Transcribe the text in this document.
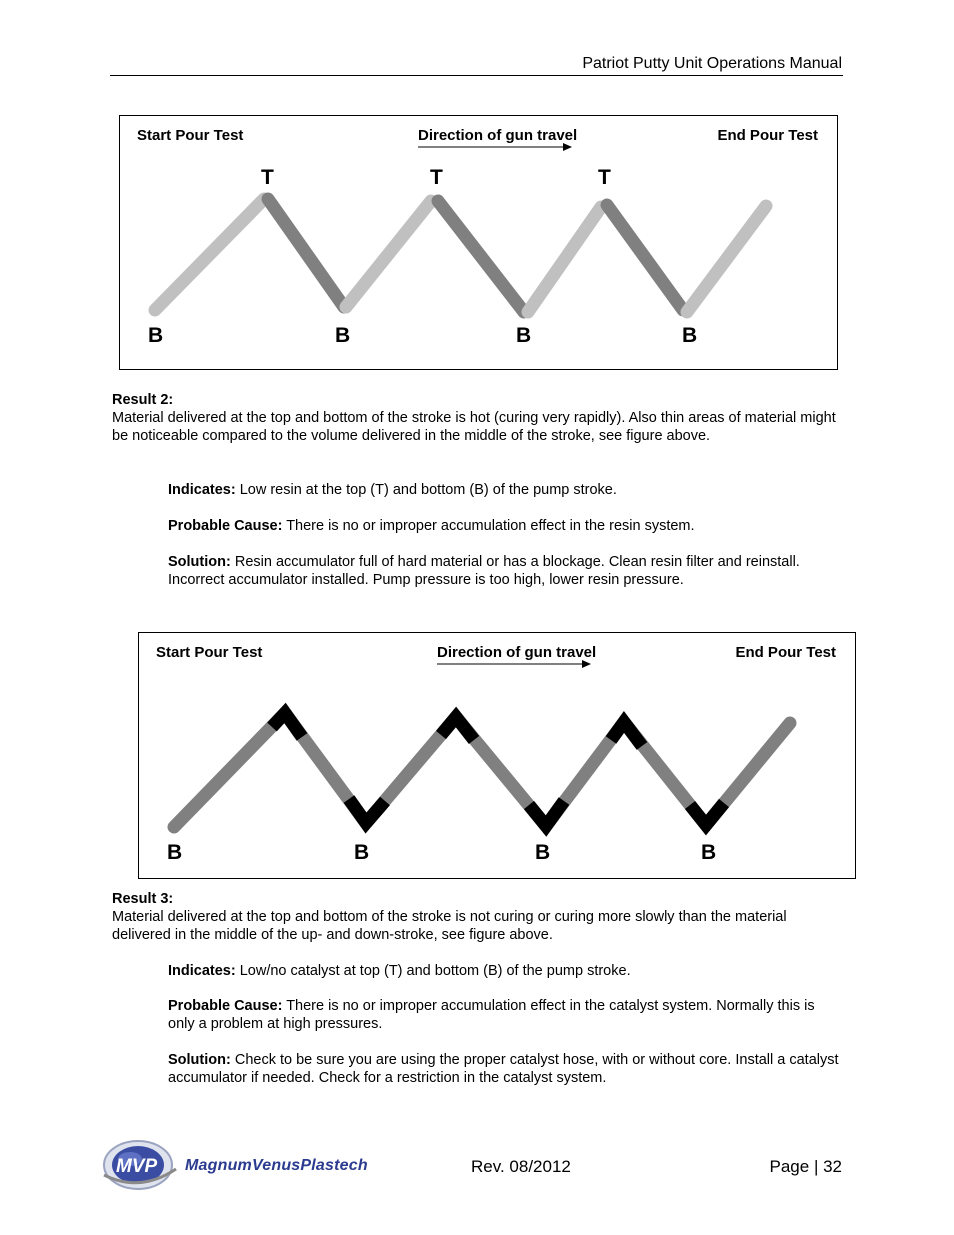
Patriot Putty Unit Operations Manual
Start Pour Test	Direction of gun travel	End Pour Test
T	T	T
B	B	B	B
Result 2:
Material delivered at the top and bottom of the stroke is hot (curing very rapidly). Also thin areas of material might be noticeable compared to the volume delivered in the middle of the stroke, see figure above.
Indicates: Low resin at the top (T) and bottom (B) of the pump stroke.
Probable Cause: There is no or improper accumulation effect in the resin system.
Solution: Resin accumulator full of hard material or has a blockage. Clean resin filter and reinstall. Incorrect accumulator installed. Pump pressure is too high, lower resin pressure.
Start Pour Test	Direction of gun travel	End Pour Test
B	B	B	B
Result 3:
Material delivered at the top and bottom of the stroke is not curing or curing more slowly than the material delivered in the middle of the up- and down-stroke, see figure above.
Indicates: Low/no catalyst at top (T) and bottom (B) of the pump stroke.
Probable Cause: There is no or improper accumulation effect in the catalyst system. Normally this is only a problem at high pressures.
Solution: Check to be sure you are using the proper catalyst hose, with or without core. Install a catalyst accumulator if needed. Check for a restriction in the catalyst system.
MVP MagnumVenusPlastech	Rev. 08/2012	Page | 32
